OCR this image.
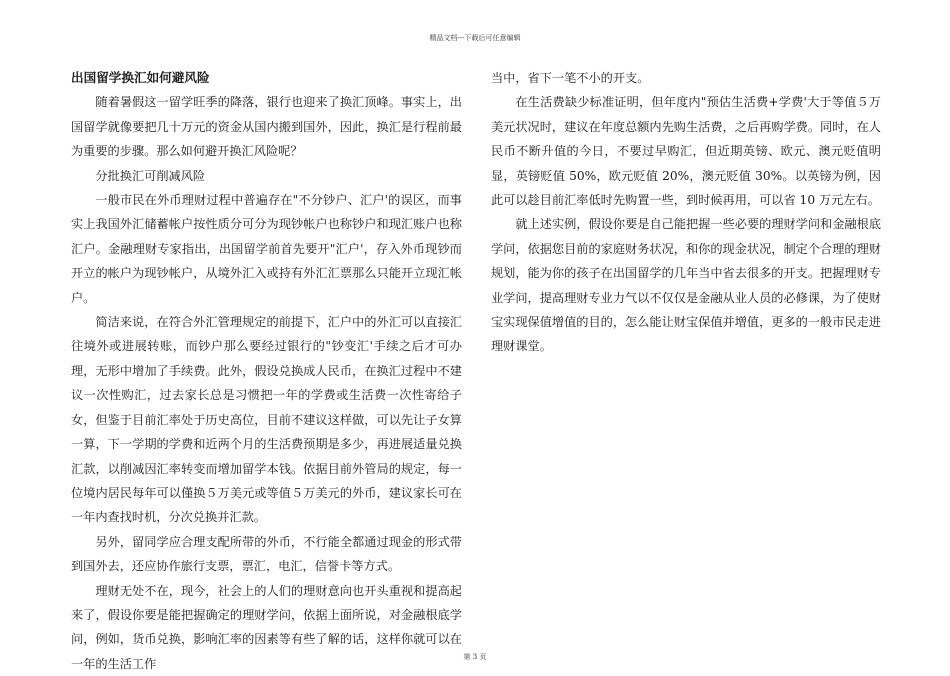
精品文档---下载后可任意编辑
出国留学换汇如何避风险

随着暑假这一留学旺季的降落，银行也迎来了换汇顶峰。事实上，出国留学就像要把几十万元的资金从国内搬到国外，因此，换汇是行程前最为重要的步骤。那么如何避开换汇风险呢？

分批换汇可削减风险

一般市民在外币理财过程中普遍存在"不分钞户、汇户'的误区，而事实上我国外汇储蓄帐户按性质分可分为现钞帐户也称钞户和现汇账户也称汇户。金融理财专家指出，出国留学前首先要开"汇户'，存入外币现钞而开立的帐户为现钞帐户，从境外汇入或持有外汇汇票那么只能开立现汇帐户。

简洁来说，在符合外汇管理规定的前提下，汇户中的外汇可以直接汇往境外或进展转账，而钞户那么要经过银行的"钞变汇'手续之后才可办理，无形中增加了手续费。此外，假设兑换成人民币，在换汇过程中不建议一次性购汇，过去家长总是习惯把一年的学费或生活费一次性寄给子女，但鉴于目前汇率处于历史高位，目前不建议这样做，可以先让子女算一算，下一学期的学费和近两个月的生活费预期是多少，再进展适量兑换汇款，以削减因汇率转变而增加留学本钱。依据目前外管局的规定，每一位境内居民每年可以僅换５万美元或等值５万美元的外币，建议家长可在一年内查找时机，分次兑换并汇款。

另外，留同学应合理支配所带的外币，不行能全都通过现金的形式带到国外去，还应协作旅行支票，票汇，电汇，信誉卡等方式。

理财无处不在，现今，社会上的人们的理财意向也开头重视和提高起来了，假设你要是能把握确定的理财学问，依据上面所说，对金融根底学问，例如，货币兑换，影响汇率的因素等有些了解的话，这样你就可以在一年的生活工作

当中，省下一笔不小的开支。

在生活费缺少标准证明，但年度内"预估生活费+学费'大于等值５万美元状况时，建议在年度总额内先购生活费，之后再购学费。同时，在人民币不断升值的今日，不要过早购汇，但近期英镑、欧元、澳元贬值明显，英镑贬值 50%，欧元贬值 20%，澳元贬值 30%。以英镑为例，因此可以趁目前汇率低时先购置一些，到时候再用，可以省 10 万元左右。

就上述实例，假设你要是自己能把握一些必要的理财学问和金融根底学问，依据您目前的家庭财务状况，和你的现金状况，制定个合理的理财规划，能为你的孩子在出国留学的几年当中省去很多的开支。把握理财专业学问，提高理财专业力气以不仅仅是金融从业人员的必修课，为了使财宝实现保值增值的目的，怎么能让财宝保值并增值，更多的一般市民走进理财课堂。

第 3 页
